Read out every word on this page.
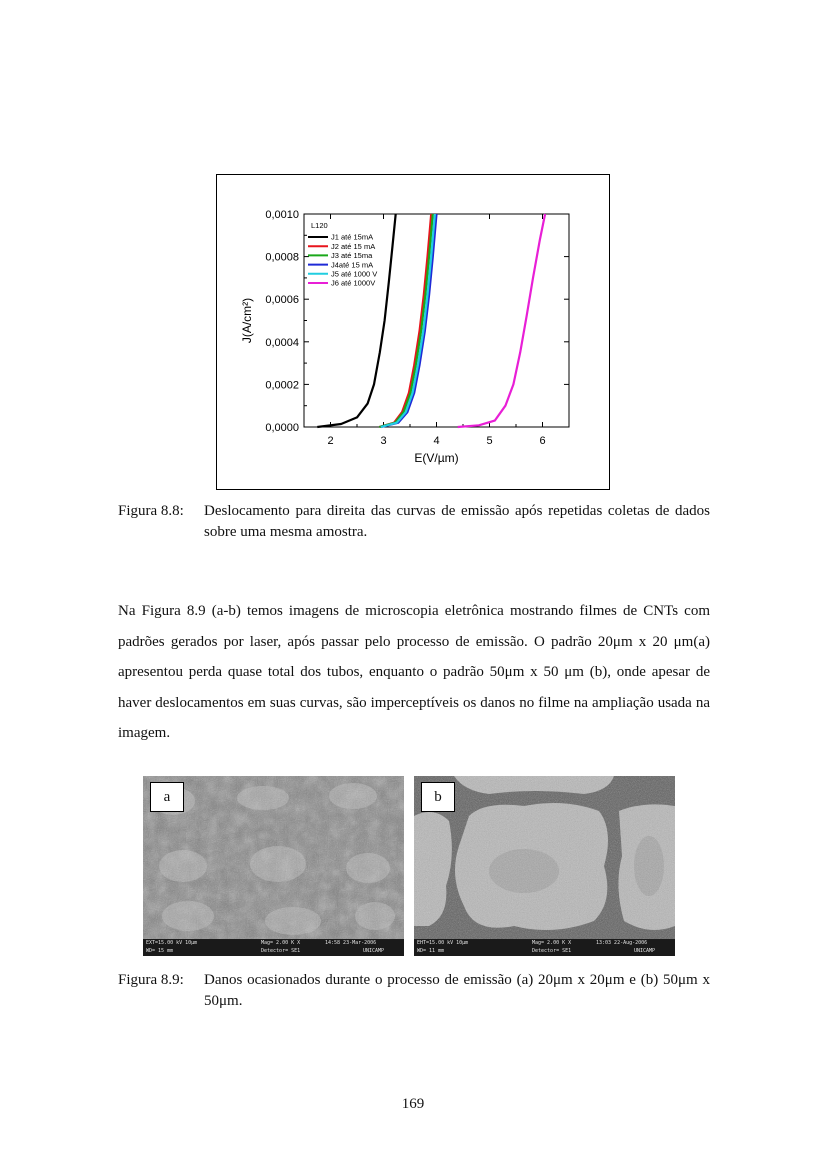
2	3	4	5	6
0,0000
0,0002
0,0004
0,0006
0,0008
0,0010
E(V/µm)
J(A/cm²)
L120
J1 até 15mA
J2 até 15 mA
J3 até 15ma
J4até 15 mA
J5 até 1000 V
J6 até 1000V
Figura 8.8: Deslocamento para direita das curvas de emissão após repetidas coletas de dados sobre uma mesma amostra.
Na Figura 8.9 (a-b) temos imagens de microscopia eletrônica mostrando filmes de CNTs com padrões gerados por laser, após passar pelo processo de emissão. O padrão 20μm x 20 μm(a) apresentou perda quase total dos tubos, enquanto o padrão 50μm x 50 μm (b), onde apesar de haver deslocamentos em suas curvas, são imperceptíveis os danos no filme na ampliação usada na imagem.
a
EXT=15.00 kV 10μm
WD= 15 mm
Mag= 2.00 K X
Detector= SE1
14:58 23-Mar-2006
UNICAMP
b
EHT=15.00 kV 10μm
WD= 11 mm
Mag= 2.00 K X
Detector= SE1
13:03 22-Aug-2006
UNICAMP
Figura 8.9: Danos ocasionados durante o processo de emissão (a) 20μm x 20μm e (b) 50μm x 50μm.
169
